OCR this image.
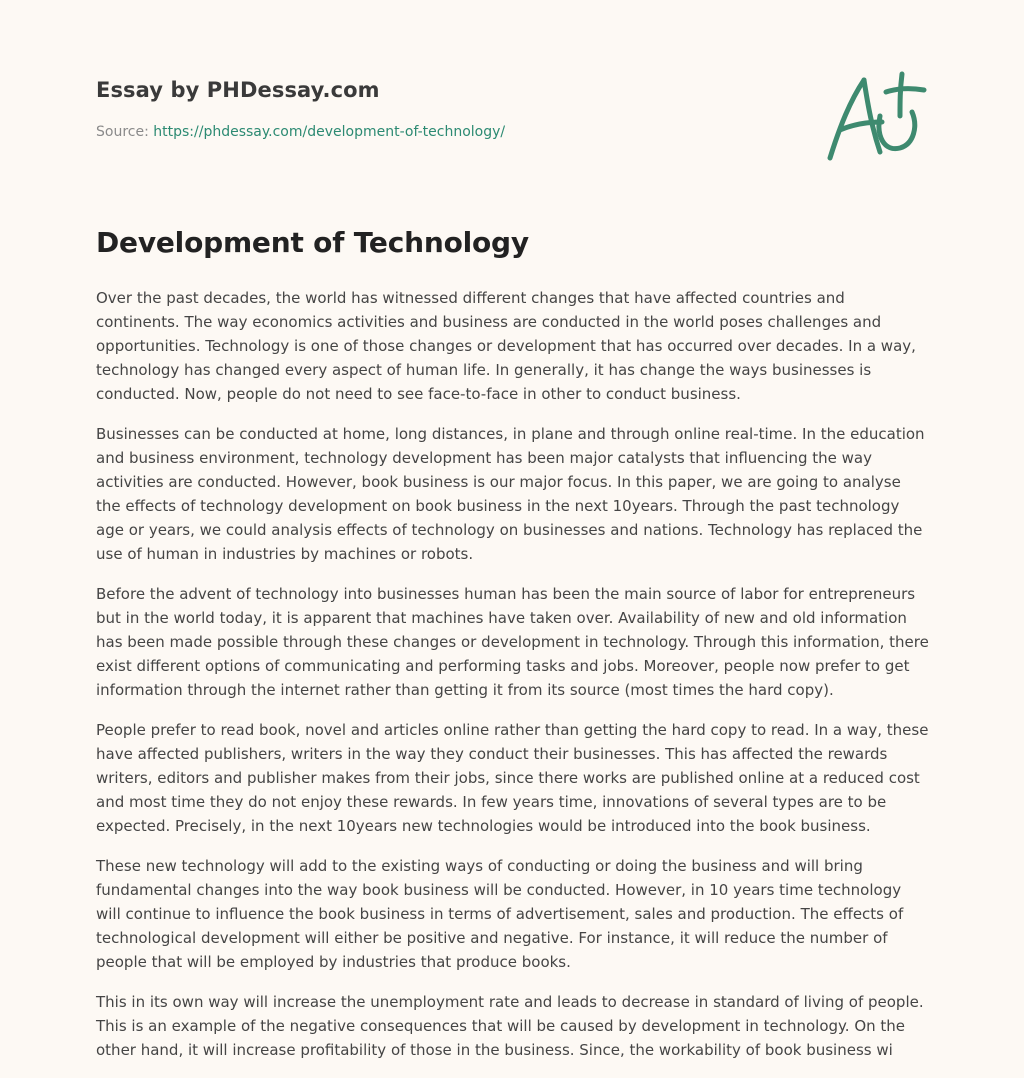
Essay by PHDessay.com
Source: https://phdessay.com/development-of-technology/
Development of Technology

Over the past decades, the world has witnessed different changes that have affected countries and continents. The way economics activities and business are conducted in the world poses challenges and opportunities. Technology is one of those changes or development that has occurred over decades. In a way, technology has changed every aspect of human life. In generally, it has change the ways businesses is conducted. Now, people do not need to see face-to-face in other to conduct business.

Businesses can be conducted at home, long distances, in plane and through online real-time. In the education and business environment, technology development has been major catalysts that influencing the way activities are conducted. However, book business is our major focus. In this paper, we are going to analyse the effects of technology development on book business in the next 10years. Through the past technology age or years, we could analysis effects of technology on businesses and nations. Technology has replaced the use of human in industries by machines or robots.

Before the advent of technology into businesses human has been the main source of labor for entrepreneurs but in the world today, it is apparent that machines have taken over. Availability of new and old information has been made possible through these changes or development in technology. Through this information, there exist different options of communicating and performing tasks and jobs. Moreover, people now prefer to get information through the internet rather than getting it from its source (most times the hard copy).

People prefer to read book, novel and articles online rather than getting the hard copy to read. In a way, these have affected publishers, writers in the way they conduct their businesses. This has affected the rewards writers, editors and publisher makes from their jobs, since there works are published online at a reduced cost and most time they do not enjoy these rewards. In few years time, innovations of several types are to be expected. Precisely, in the next 10years new technologies would be introduced into the book business.

These new technology will add to the existing ways of conducting or doing the business and will bring fundamental changes into the way book business will be conducted. However, in 10 years time technology will continue to influence the book business in terms of advertisement, sales and production. The effects of technological development will either be positive and negative. For instance, it will reduce the number of people that will be employed by industries that produce books.

This in its own way will increase the unemployment rate and leads to decrease in standard of living of people. This is an example of the negative consequences that will be caused by development in technology. On the other hand, it will increase profitability of those in the business. Since, the workability of book business wi
